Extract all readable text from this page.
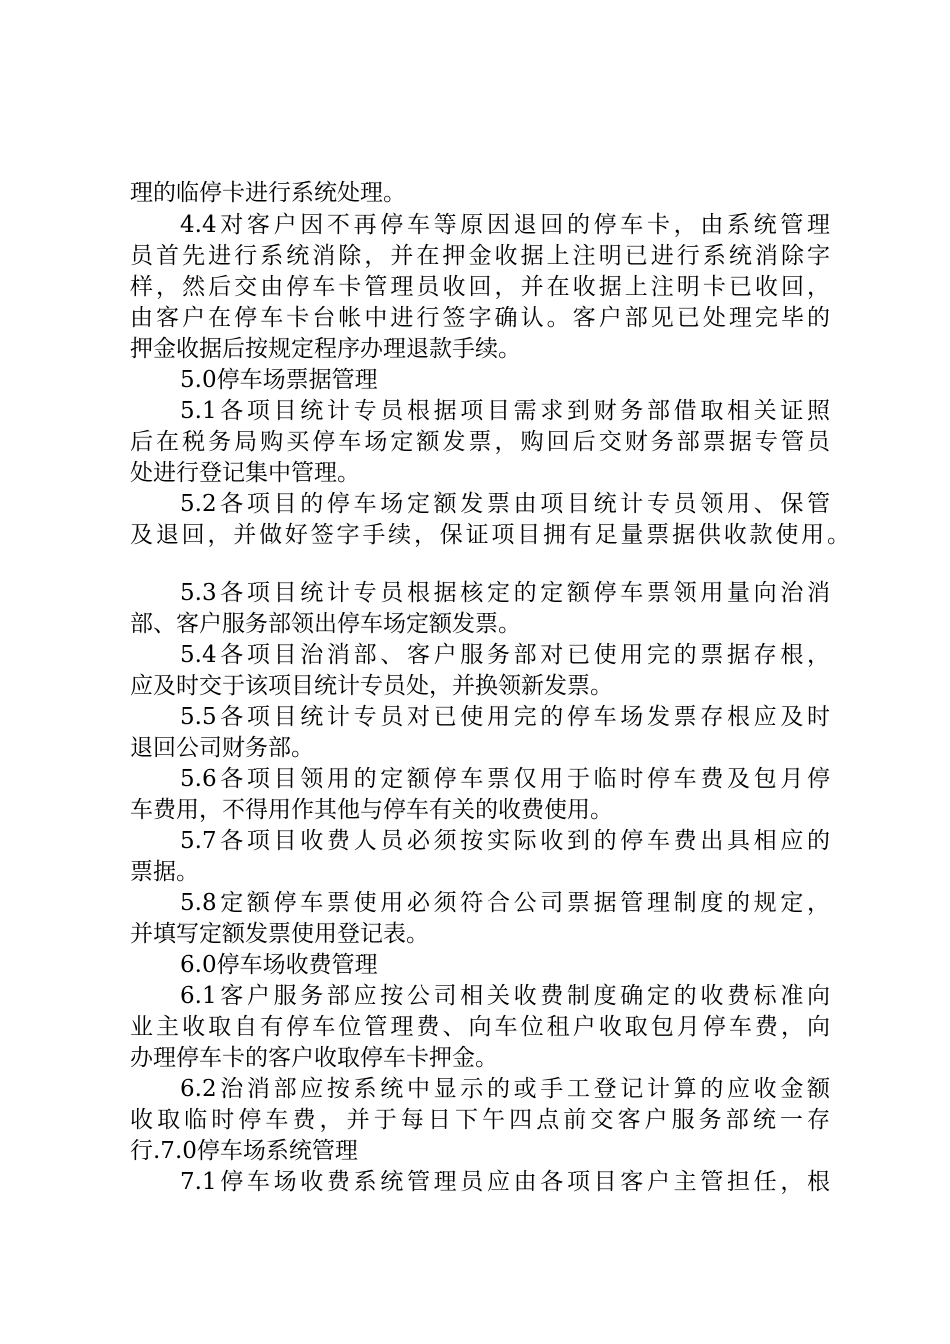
理的临停卡进行系统处理。
4.4对客户因不再停车等原因退回的停车卡，由系统管理
员首先进行系统消除，并在押金收据上注明已进行系统消除字
样，然后交由停车卡管理员收回，并在收据上注明卡已收回，
由客户在停车卡台帐中进行签字确认。客户部见已处理完毕的
押金收据后按规定程序办理退款手续。
5.0停车场票据管理
5.1各项目统计专员根据项目需求到财务部借取相关证照
后在税务局购买停车场定额发票，购回后交财务部票据专管员
处进行登记集中管理。
5.2各项目的停车场定额发票由项目统计专员领用、保管
及退回，并做好签字手续，保证项目拥有足量票据供收款使用。
5.3各项目统计专员根据核定的定额停车票领用量向治消
部、客户服务部领出停车场定额发票。
5.4各项目治消部、客户服务部对已使用完的票据存根，
应及时交于该项目统计专员处，并换领新发票。
5.5各项目统计专员对已使用完的停车场发票存根应及时
退回公司财务部。
5.6各项目领用的定额停车票仅用于临时停车费及包月停
车费用，不得用作其他与停车有关的收费使用。
5.7各项目收费人员必须按实际收到的停车费出具相应的
票据。
5.8定额停车票使用必须符合公司票据管理制度的规定，
并填写定额发票使用登记表。
6.0停车场收费管理
6.1客户服务部应按公司相关收费制度确定的收费标准向
业主收取自有停车位管理费、向车位租户收取包月停车费，向
办理停车卡的客户收取停车卡押金。
6.2治消部应按系统中显示的或手工登记计算的应收金额
收取临时停车费，并于每日下午四点前交客户服务部统一存
行.7.0停车场系统管理
7.1停车场收费系统管理员应由各项目客户主管担任，根
